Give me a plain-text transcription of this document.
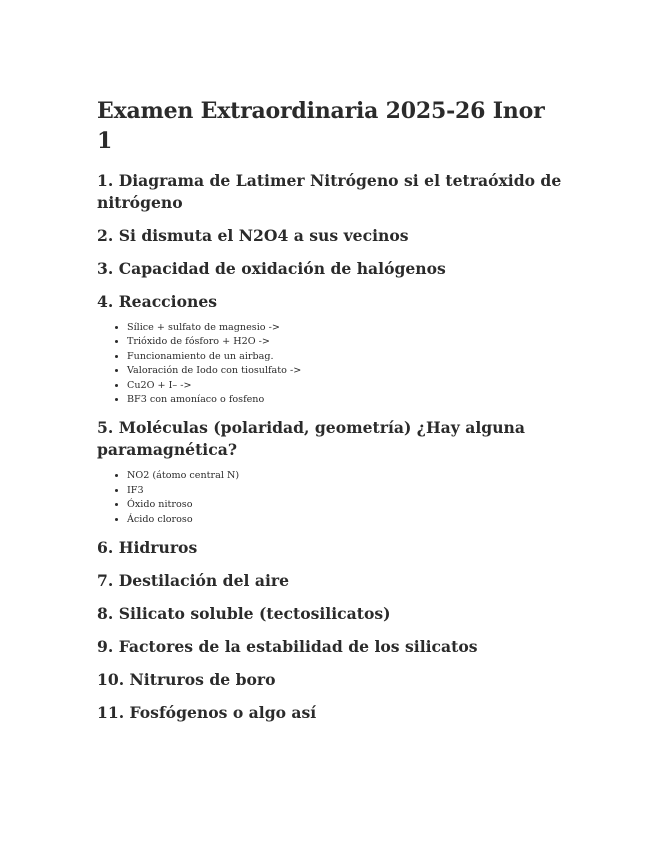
Examen Extraordinaria 2025-26 Inor 1
1. Diagrama de Latimer Nitrógeno si el tetraóxido de nitrógeno
2. Si dismuta el N2O4 a sus vecinos
3. Capacidad de oxidación de halógenos
4. Reacciones
• Sílice + sulfato de magnesio ->
• Trióxido de fósforo + H2O ->
• Funcionamiento de un airbag.
• Valoración de Iodo con tiosulfato ->
• Cu2O + I– ->
• BF3 con amoníaco o fosfeno
5. Moléculas (polaridad, geometría) ¿Hay alguna paramagnética?
• NO2 (átomo central N)
• IF3
• Óxido nitroso
• Ácido cloroso
6. Hidruros
7. Destilación del aire
8. Silicato soluble (tectosilicatos)
9. Factores de la estabilidad de los silicatos
10. Nitruros de boro
11. Fosfógenos o algo así
